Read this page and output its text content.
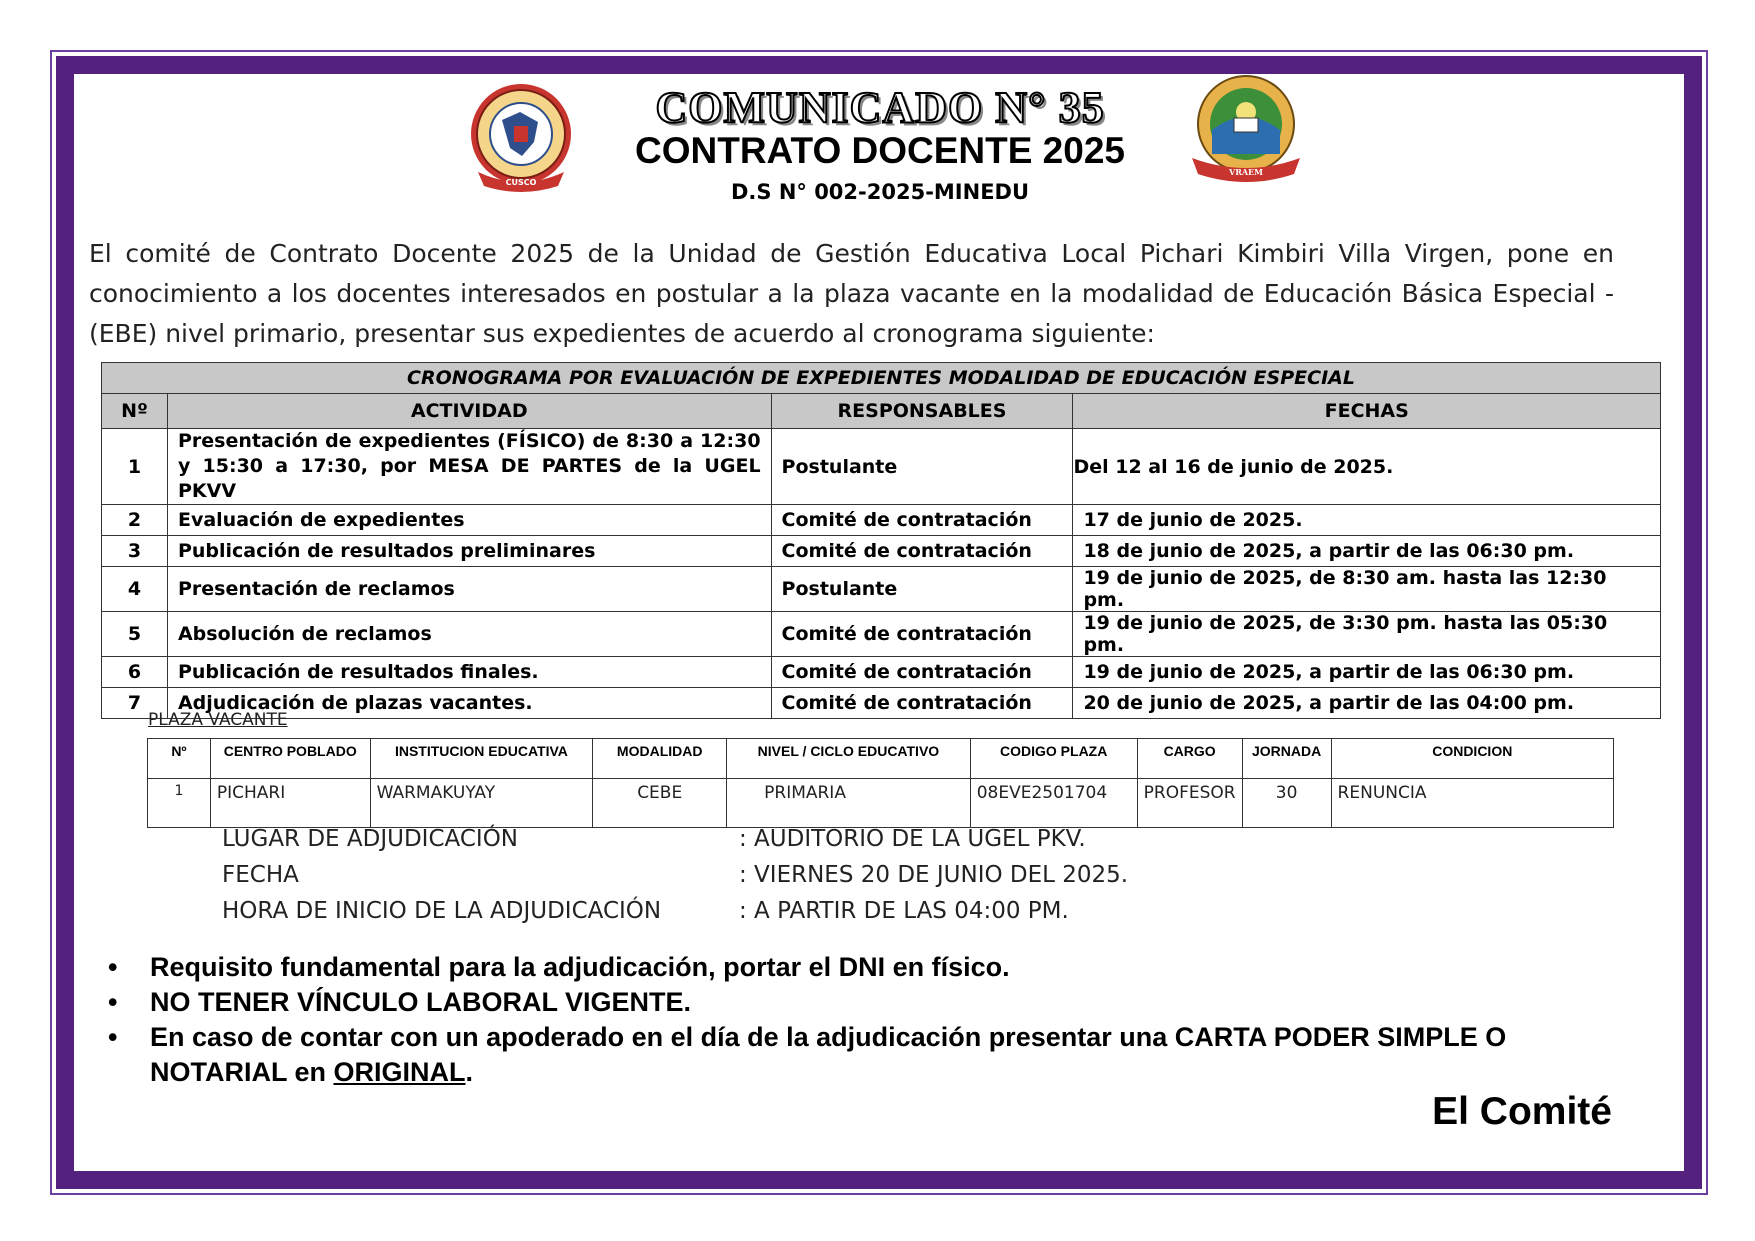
CUSCO
VRAEM
COMUNICADO N° 35
CONTRATO DOCENTE 2025
D.S N° 002-2025-MINEDU
El comité de Contrato Docente 2025 de la Unidad de Gestión Educativa Local Pichari Kimbiri Villa Virgen, pone en conocimiento a los docentes interesados en postular a la plaza vacante en la modalidad de Educación Básica Especial - (EBE) nivel primario, presentar sus expedientes de acuerdo al cronograma siguiente:
CRONOGRAMA POR EVALUACIÓN DE EXPEDIENTES MODALIDAD DE EDUCACIÓN ESPECIAL			
Nº	ACTIVIDAD	RESPONSABLES	FECHAS
1	Presentación de expedientes (FÍSICO) de 8:30 a 12:30 y 15:30 a 17:30, por MESA DE PARTES de la UGEL PKVV	Postulante	Del 12 al 16 de junio de 2025.
2	Evaluación de expedientes	Comité de contratación	17 de junio de 2025.
3	Publicación de resultados preliminares	Comité de contratación	18 de junio de 2025, a partir de las 06:30 pm.
4	Presentación de reclamos	Postulante	19 de junio de 2025, de 8:30 am. hasta las 12:30 pm.
5	Absolución de reclamos	Comité de contratación	19 de junio de 2025, de 3:30 pm. hasta las 05:30 pm.
6	Publicación de resultados finales.	Comité de contratación	19 de junio de 2025, a partir de las 06:30 pm.
7	Adjudicación de plazas vacantes.	Comité de contratación	20 de junio de 2025, a partir de las 04:00 pm.
PLAZA VACANTE
Nº	CENTRO POBLADO	INSTITUCION EDUCATIVA	MODALIDAD	NIVEL / CICLO EDUCATIVO	CODIGO PLAZA	CARGO	JORNADA	CONDICION
1	PICHARI	WARMAKUYAY	CEBE	PRIMARIA	08EVE2501704	PROFESOR	30	RENUNCIA
LUGAR DE ADJUDICACIÓN	: AUDITORIO DE LA UGEL PKV.
FECHA	: VIERNES 20 DE JUNIO DEL 2025.
HORA DE INICIO DE LA ADJUDICACIÓN	: A PARTIR DE LAS 04:00 PM.
• Requisito fundamental para la adjudicación, portar el DNI en físico.
• NO TENER VÍNCULO LABORAL VIGENTE.
• En caso de contar con un apoderado en el día de la adjudicación presentar una CARTA PODER SIMPLE O NOTARIAL en ORIGINAL.
El Comité
